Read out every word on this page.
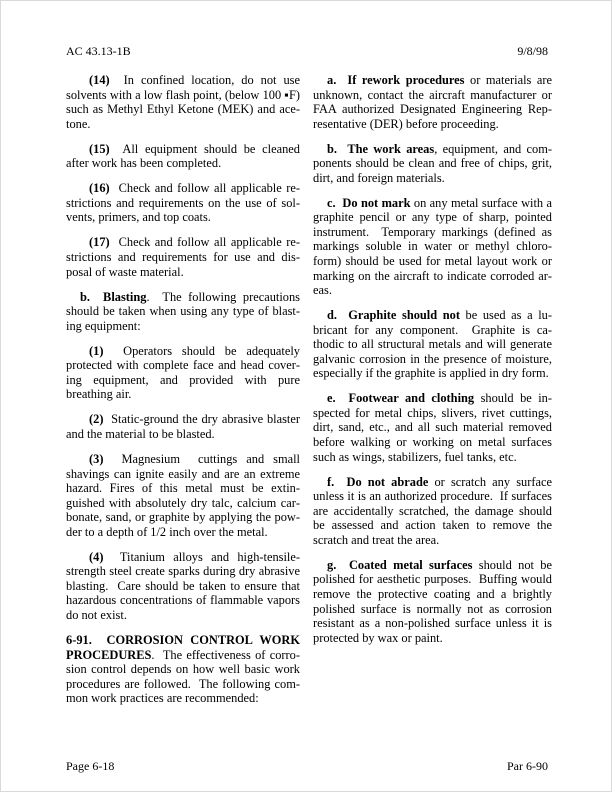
AC 43.13-1B	9/8/98

(14)  In confined location, do not use solvents with a low flash point, (below 100 ▪F) such as Methyl Ethyl Ketone (MEK) and acetone.

(15)  All equipment should be cleaned after work has been completed.

(16)  Check and follow all applicable restrictions and requirements on the use of solvents, primers, and top coats.

(17)  Check and follow all applicable restrictions and requirements for use and disposal of waste material.

b.  Blasting.  The following precautions should be taken when using any type of blasting equipment:

(1)  Operators should be adequately protected with complete face and head covering equipment, and provided with pure breathing air.

(2)  Static-ground the dry abrasive blaster and the material to be blasted.

(3)  Magnesium  cuttings and small shavings can ignite easily and are an extreme hazard. Fires of this metal must be extinguished with absolutely dry talc, calcium carbonate, sand, or graphite by applying the powder to a depth of 1/2 inch over the metal.

(4)  Titanium alloys and high-tensile-strength steel create sparks during dry abrasive blasting.  Care should be taken to ensure that hazardous concentrations of flammable vapors do not exist.

6-91.  CORROSION CONTROL WORK PROCEDURES.  The effectiveness of corrosion control depends on how well basic work procedures are followed.  The following common work practices are recommended:

a.  If rework procedures or materials are unknown, contact the aircraft manufacturer or FAA authorized Designated Engineering Representative (DER) before proceeding.

b.  The work areas, equipment, and components should be clean and free of chips, grit, dirt, and foreign materials.

c.  Do not mark on any metal surface with a graphite pencil or any type of sharp, pointed instrument.  Temporary markings (defined as markings soluble in water or methyl chloroform) should be used for metal layout work or marking on the aircraft to indicate corroded areas.

d.  Graphite should not be used as a lubricant for any component.  Graphite is cathodic to all structural metals and will generate galvanic corrosion in the presence of moisture, especially if the graphite is applied in dry form.

e.  Footwear and clothing should be inspected for metal chips, slivers, rivet cuttings, dirt, sand, etc., and all such material removed before walking or working on metal surfaces such as wings, stabilizers, fuel tanks, etc.

f.  Do not abrade or scratch any surface unless it is an authorized procedure.  If surfaces are accidentally scratched, the damage should be assessed and action taken to remove the scratch and treat the area.

g.  Coated metal surfaces should not be polished for aesthetic purposes.  Buffing would remove the protective coating and a brightly polished surface is normally not as corrosion resistant as a non-polished surface unless it is protected by wax or paint.

Page 6-18	Par 6-90
